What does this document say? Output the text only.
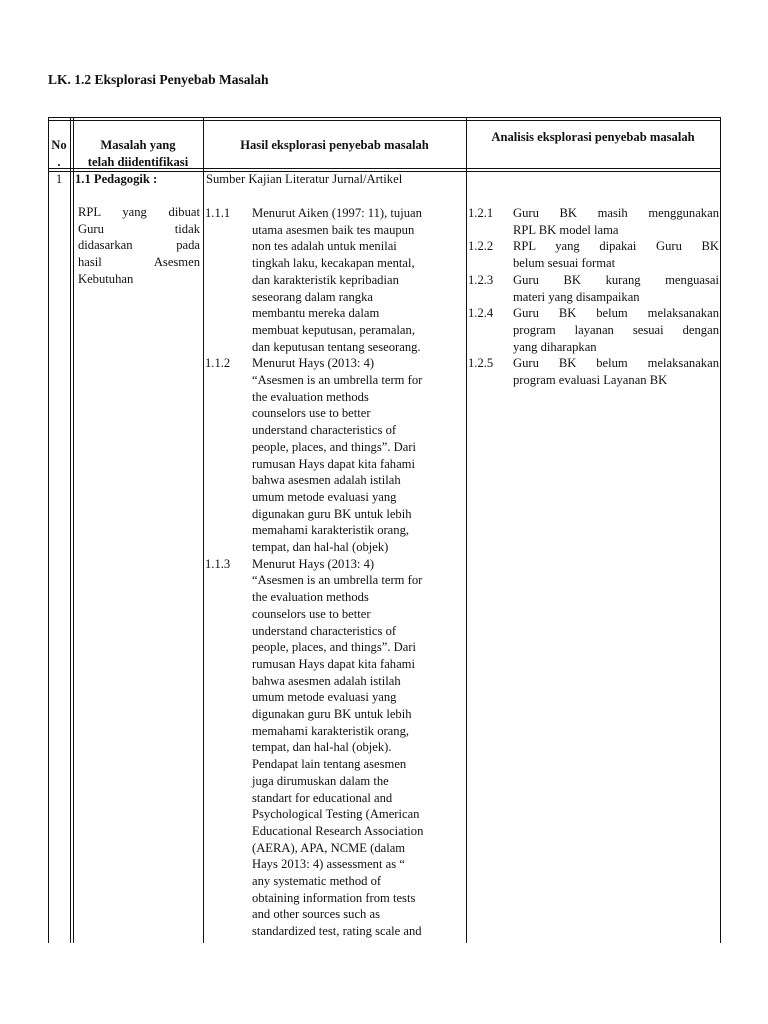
LK. 1.2 Eksplorasi Penyebab Masalah
No
.
Masalah yang
telah diidentifikasi
Hasil eksplorasi penyebab masalah
Analisis eksplorasi penyebab masalah
1	1.1 Pedagogik :
RPL yang dibuat
Guru tidak
didasarkan pada
hasil Asesmen
Kebutuhan
Sumber Kajian Literatur Jurnal/Artikel
1.1.1 Menurut Aiken (1997: 11), tujuan
utama asesmen baik tes maupun
non tes adalah untuk menilai
tingkah laku, kecakapan mental,
dan karakteristik kepribadian
seseorang dalam rangka
membantu mereka dalam
membuat keputusan, peramalan,
dan keputusan tentang seseorang.
1.1.2 Menurut Hays (2013: 4)
“Asesmen is an umbrella term for
the evaluation methods
counselors use to better
understand characteristics of
people, places, and things”. Dari
rumusan Hays dapat kita fahami
bahwa asesmen adalah istilah
umum metode evaluasi yang
digunakan guru BK untuk lebih
memahami karakteristik orang,
tempat, dan hal-hal (objek)
1.1.3 Menurut Hays (2013: 4)
“Asesmen is an umbrella term for
the evaluation methods
counselors use to better
understand characteristics of
people, places, and things”. Dari
rumusan Hays dapat kita fahami
bahwa asesmen adalah istilah
umum metode evaluasi yang
digunakan guru BK untuk lebih
memahami karakteristik orang,
tempat, dan hal-hal (objek).
Pendapat lain tentang asesmen
juga dirumuskan dalam the
standart for educational and
Psychological Testing (American
Educational Research Association
(AERA), APA, NCME (dalam
Hays 2013: 4) assessment as “
any systematic method of
obtaining information from tests
and other sources such as
standardized test, rating scale and
1.2.1 Guru BK masih menggunakan
RPL BK model lama
1.2.2 RPL yang dipakai Guru BK
belum sesuai format
1.2.3 Guru BK kurang menguasai
materi yang disampaikan
1.2.4 Guru BK belum melaksanakan
program layanan sesuai dengan
yang diharapkan
1.2.5 Guru BK belum melaksanakan
program evaluasi Layanan BK
